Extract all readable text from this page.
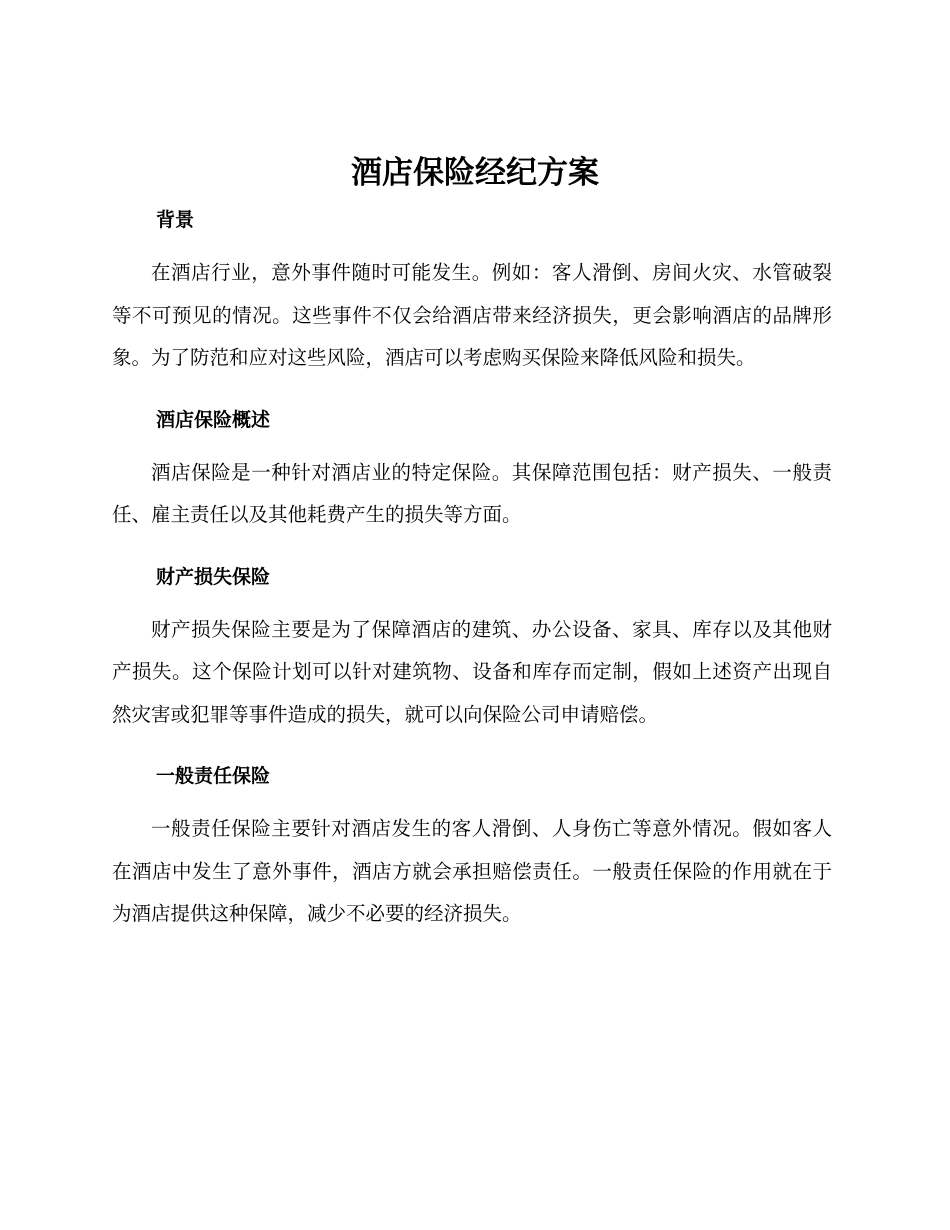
酒店保险经纪方案
背景

在酒店行业，意外事件随时可能发生。例如：客人滑倒、房间火灾、水管破裂等不可预见的情况。这些事件不仅会给酒店带来经济损失，更会影响酒店的品牌形象。为了防范和应对这些风险，酒店可以考虑购买保险来降低风险和损失。

酒店保险概述

酒店保险是一种针对酒店业的特定保险。其保障范围包括：财产损失、一般责任、雇主责任以及其他耗费产生的损失等方面。

财产损失保险

财产损失保险主要是为了保障酒店的建筑、办公设备、家具、库存以及其他财产损失。这个保险计划可以针对建筑物、设备和库存而定制，假如上述资产出现自然灾害或犯罪等事件造成的损失，就可以向保险公司申请赔偿。

一般责任保险

一般责任保险主要针对酒店发生的客人滑倒、人身伤亡等意外情况。假如客人在酒店中发生了意外事件，酒店方就会承担赔偿责任。一般责任保险的作用就在于为酒店提供这种保障，减少不必要的经济损失。
